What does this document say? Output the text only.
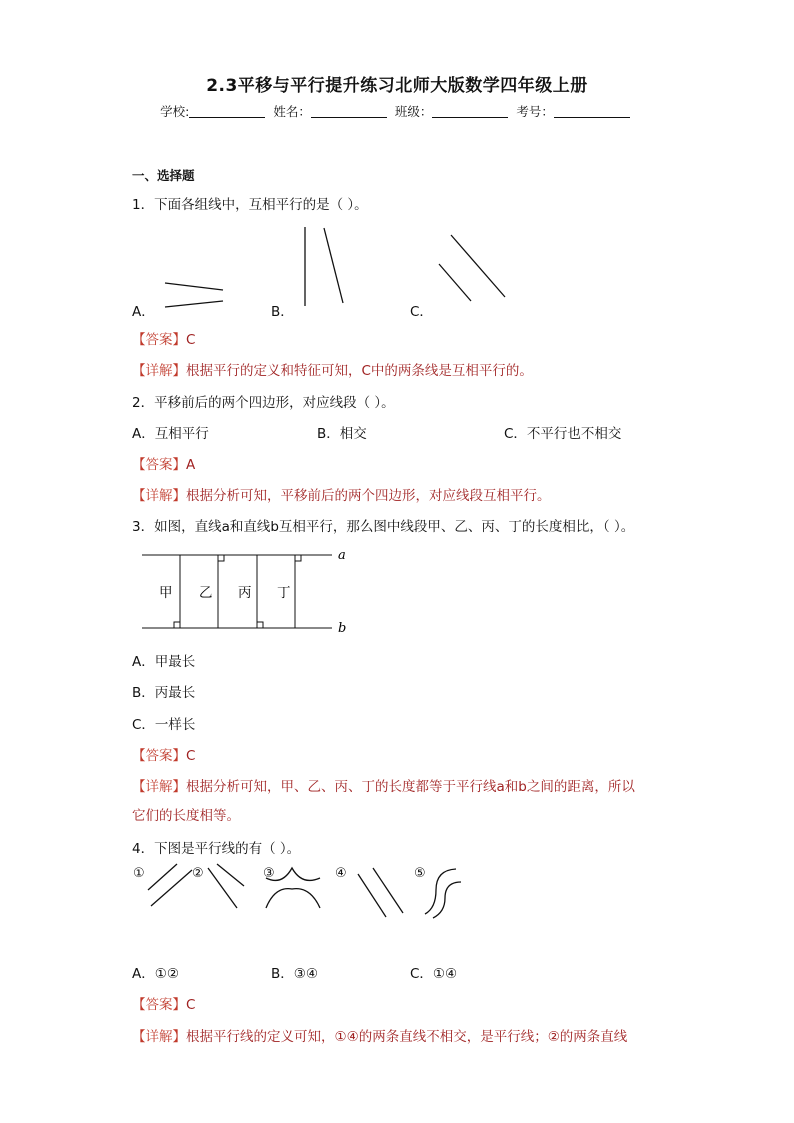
2.3平移与平行提升练习北师大版数学四年级上册
学校:	姓名：	班级：	考号：
一、选择题
1．下面各组线中，互相平行的是（ ）。
A．	B．	C．
【答案】C
【详解】根据平行的定义和特征可知，C中的两条线是互相平行的。
2．平移前后的两个四边形，对应线段（ ）。
A．互相平行	B．相交	C．不平行也不相交
【答案】A
【详解】根据分析可知，平移前后的两个四边形，对应线段互相平行。
3．如图，直线a和直线b互相平行，那么图中线段甲、乙、丙、丁的长度相比，（ ）。
a
b
甲 乙 丙 丁
A．甲最长
B．丙最长
C．一样长
【答案】C
【详解】根据分析可知，甲、乙、丙、丁的长度都等于平行线a和b之间的距离，所以
它们的长度相等。
4．下图是平行线的有（ ）。
①	②	③	④	⑤
A．①②	B．③④	C．①④
【答案】C
【详解】根据平行线的定义可知，①④的两条直线不相交，是平行线；②的两条直线
